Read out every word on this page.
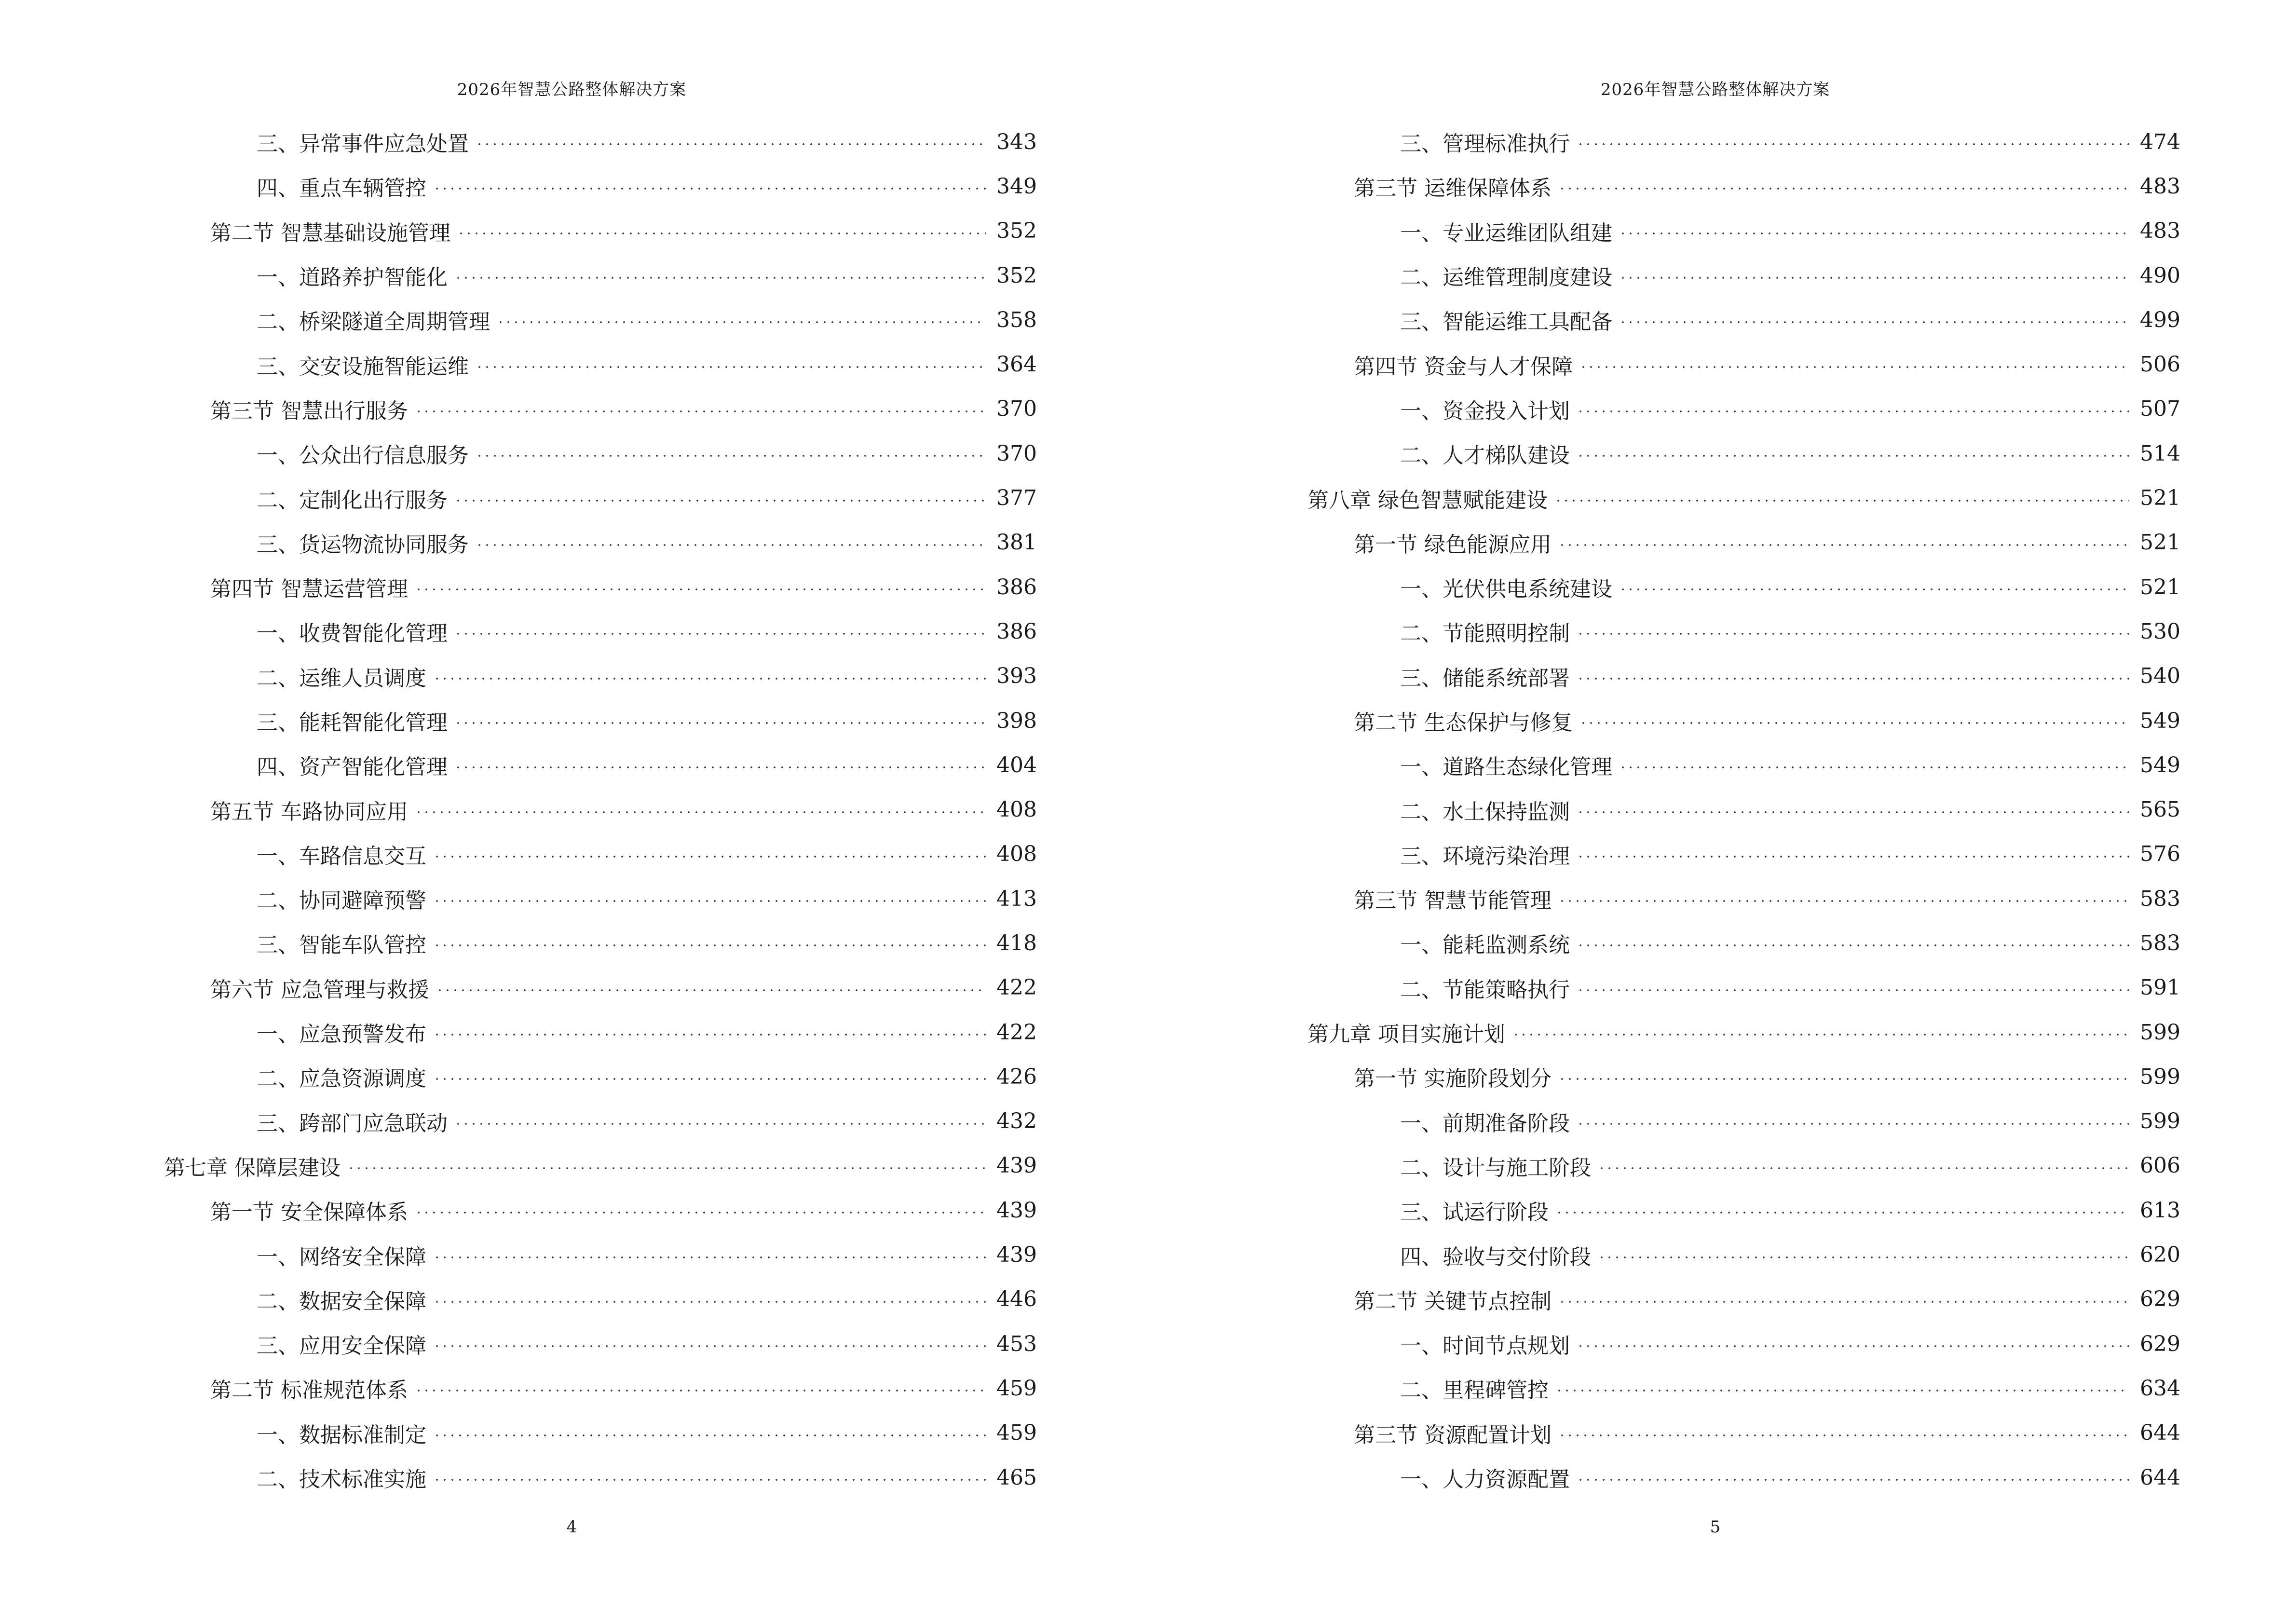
2026年智慧公路整体解决方案
三、异常事件应急处置	343
四、重点车辆管控	349
第二节 智慧基础设施管理	352
一、道路养护智能化	352
二、桥梁隧道全周期管理	358
三、交安设施智能运维	364
第三节 智慧出行服务	370
一、公众出行信息服务	370
二、定制化出行服务	377
三、货运物流协同服务	381
第四节 智慧运营管理	386
一、收费智能化管理	386
二、运维人员调度	393
三、能耗智能化管理	398
四、资产智能化管理	404
第五节 车路协同应用	408
一、车路信息交互	408
二、协同避障预警	413
三、智能车队管控	418
第六节 应急管理与救援	422
一、应急预警发布	422
二、应急资源调度	426
三、跨部门应急联动	432
第七章 保障层建设	439
第一节 安全保障体系	439
一、网络安全保障	439
二、数据安全保障	446
三、应用安全保障	453
第二节 标准规范体系	459
一、数据标准制定	459
二、技术标准实施	465
4
2026年智慧公路整体解决方案
三、管理标准执行	474
第三节 运维保障体系	483
一、专业运维团队组建	483
二、运维管理制度建设	490
三、智能运维工具配备	499
第四节 资金与人才保障	506
一、资金投入计划	507
二、人才梯队建设	514
第八章 绿色智慧赋能建设	521
第一节 绿色能源应用	521
一、光伏供电系统建设	521
二、节能照明控制	530
三、储能系统部署	540
第二节 生态保护与修复	549
一、道路生态绿化管理	549
二、水土保持监测	565
三、环境污染治理	576
第三节 智慧节能管理	583
一、能耗监测系统	583
二、节能策略执行	591
第九章 项目实施计划	599
第一节 实施阶段划分	599
一、前期准备阶段	599
二、设计与施工阶段	606
三、试运行阶段	613
四、验收与交付阶段	620
第二节 关键节点控制	629
一、时间节点规划	629
二、里程碑管控	634
第三节 资源配置计划	644
一、人力资源配置	644
5
